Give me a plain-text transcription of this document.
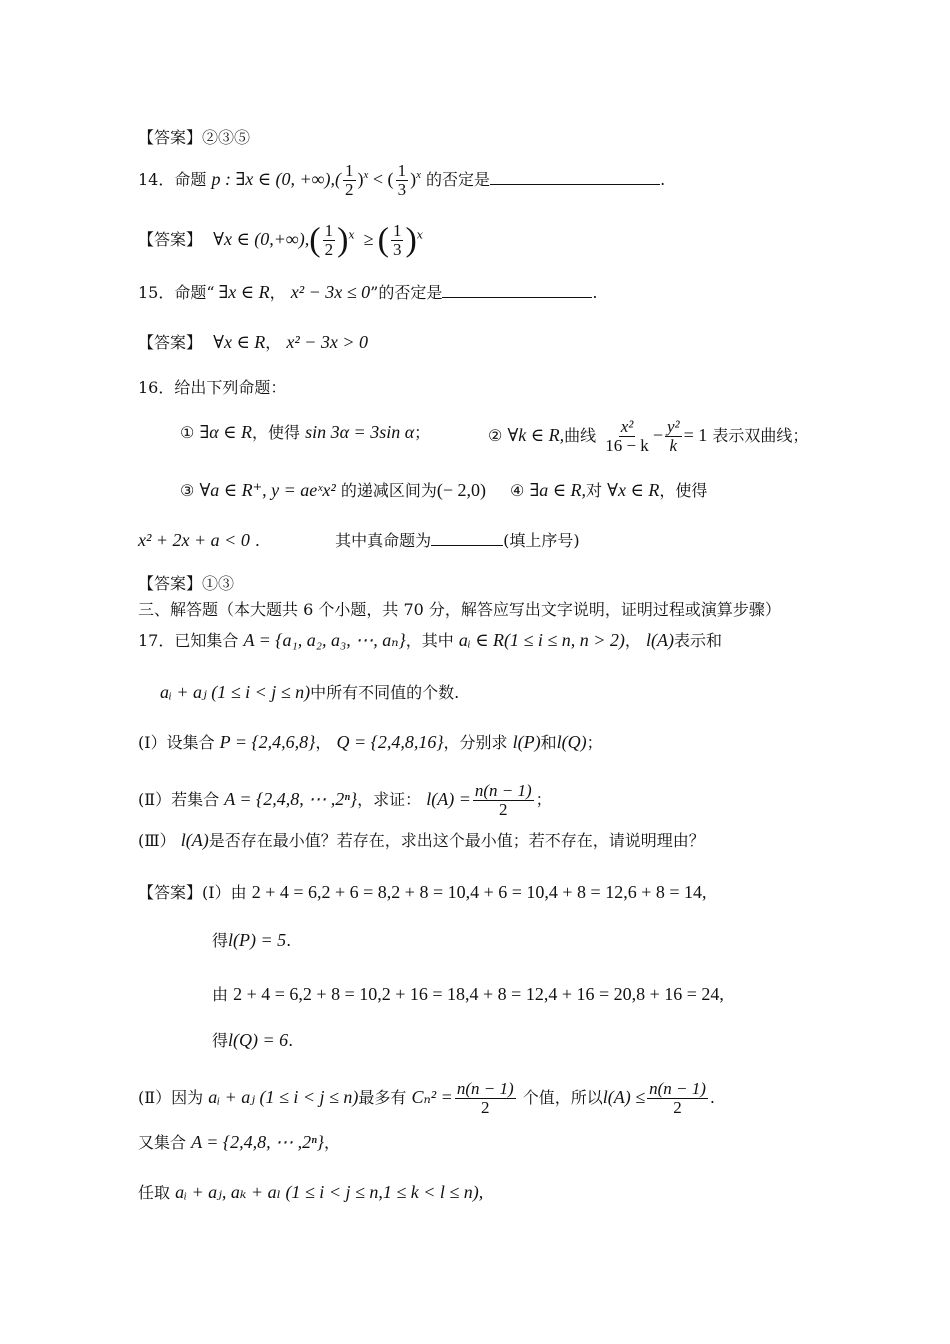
【答案】②③⑤
14．命题 p : ∃x ∈ (0, +∞),( $\frac{1}{2} )^x$ < ( $\frac{1}{3} )^x$ 的否定是	.
【答案】 ∀x ∈ $(0,+\infty),( \frac{1}{2} )^x$ ≥ ( $\frac{1}{3} )^x$
15．命题“ ∃x ∈ R， x² − 3x ≤ 0”的否定是	.
【答案】 ∀x ∈ R， x² − 3x > 0
16．给出下列命题：
① ∃α ∈ R，使得 sin 3α = 3sin α；	② ∀k ∈ R,曲线 $\frac{\text{x²}}{16 - k} - \frac{\text{y²}}{k} = 1$ 表示双曲线；
③ ∀a ∈ R⁺, y = aeˣx² 的递减区间为(− 2,0) ④ ∃a ∈ R,对 ∀x ∈ R，使得
x² + 2x + a < 0 .	其中真命题为	(填上序号)
【答案】①③
三、解答题（本大题共 6 个小题，共 70 分，解答应写出文字说明，证明过程或演算步骤）
17．已知集合 A = {a₁, a₂, a₃, ⋯, aₙ}，其中 aᵢ ∈ R(1 ≤ i ≤ n, n > 2)， l(A)表示和
aᵢ + aⱼ (1 ≤ i < j ≤ n)中所有不同值的个数.
(Ⅰ）设集合 P = {2,4,6,8}， Q = {2,4,8,16}，分别求 l(P)和l(Q)；
(Ⅱ）若集合 A = {2,4,8, ⋯ ,2ⁿ}，求证： $l(A) = \frac{n(n - 1)}{2}$ ；
(Ⅲ） l(A)是否存在最小值？若存在，求出这个最小值；若不存在，请说明理由？
【答案】(Ⅰ）由 2 + 4 = 6,2 + 6 = 8,2 + 8 = 10,4 + 6 = 10,4 + 8 = 12,6 + 8 = 14,
得l(P) = 5.
由 2 + 4 = 6,2 + 8 = 10,2 + 16 = 18,4 + 8 = 12,4 + 16 = 20,8 + 16 = 24,
得l(Q) = 6.
(Ⅱ）因为 aᵢ + aⱼ (1 ≤ i < j ≤ n)最多有 $C_n^2 = \frac{n(n - 1)}{2}$ 个值，所以$l(A) \le \frac{n(n - 1)}{2}$ .
又集合 A = {2,4,8, ⋯ ,2ⁿ}，
任取 aᵢ + aⱼ, aₖ + aₗ (1 ≤ i < j ≤ n,1 ≤ k < l ≤ n),
